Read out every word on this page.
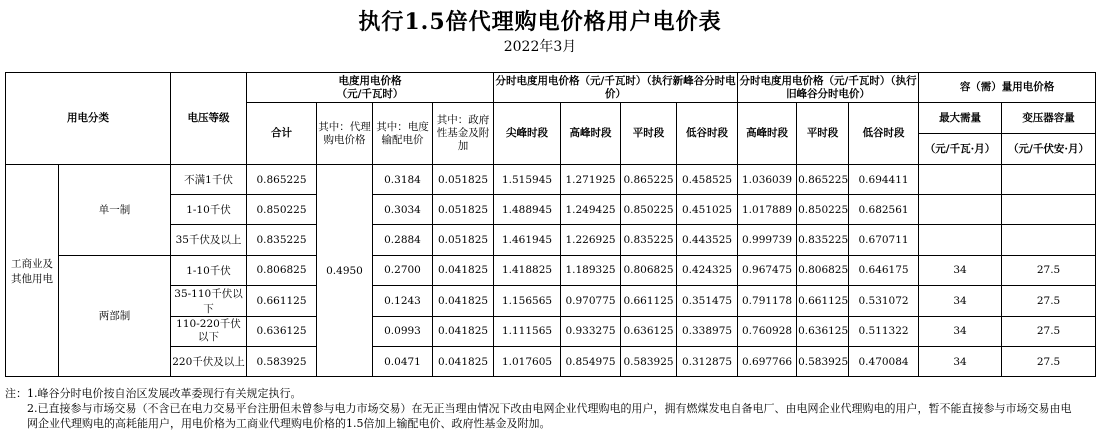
执行1.5倍代理购电价格用户电价表
2022年3月
用电分类		电压等级	电度用电价格
（元/千瓦时）				分时电度用电价格（元/千瓦时）（执行新峰谷分时电价）				分时电度用电价格（元/千瓦时）（执行旧峰谷分时电价）			容（需）量用电价格	
			合计	其中：代理购电价格	其中：电度输配电价	其中：政府性基金及附加	尖峰时段	高峰时段	平时段	低谷时段	高峰时段	平时段	低谷时段	最大需量	变压器容量
														（元/千瓦·月）	（元/千伏安·月）
工商业及其他用电	单一制	不满1千伏	0.865225	0.4950	0.3184	0.051825	1.515945	1.271925	0.865225	0.458525	1.036039	0.865225	0.694411		
		1-10千伏	0.850225		0.3034	0.051825	1.488945	1.249425	0.850225	0.451025	1.017889	0.850225	0.682561		
		35千伏及以上	0.835225		0.2884	0.051825	1.461945	1.226925	0.835225	0.443525	0.999739	0.835225	0.670711		
	两部制	1-10千伏	0.806825		0.2700	0.041825	1.418825	1.189325	0.806825	0.424325	0.967475	0.806825	0.646175	34	27.5
		35-110千伏以下	0.661125		0.1243	0.041825	1.156565	0.970775	0.661125	0.351475	0.791178	0.661125	0.531072	34	27.5
		110-220千伏以下	0.636125		0.0993	0.041825	1.111565	0.933275	0.636125	0.338975	0.760928	0.636125	0.511322	34	27.5
		220千伏及以上	0.583925		0.0471	0.041825	1.017605	0.854975	0.583925	0.312875	0.697766	0.583925	0.470084	34	27.5

注：1.峰谷分时电价按自治区发展改革委现行有关规定执行。

2.已直接参与市场交易（不含已在电力交易平台注册但未曾参与电力市场交易）在无正当理由情况下改由电网企业代理购电的用户，拥有燃煤发电自备电厂、由电网企业代理购电的用户，暂不能直接参与市场交易由电网企业代理购电的高耗能用户，用电价格为工商业代理购电价格的1.5倍加上输配电价、政府性基金及附加。
